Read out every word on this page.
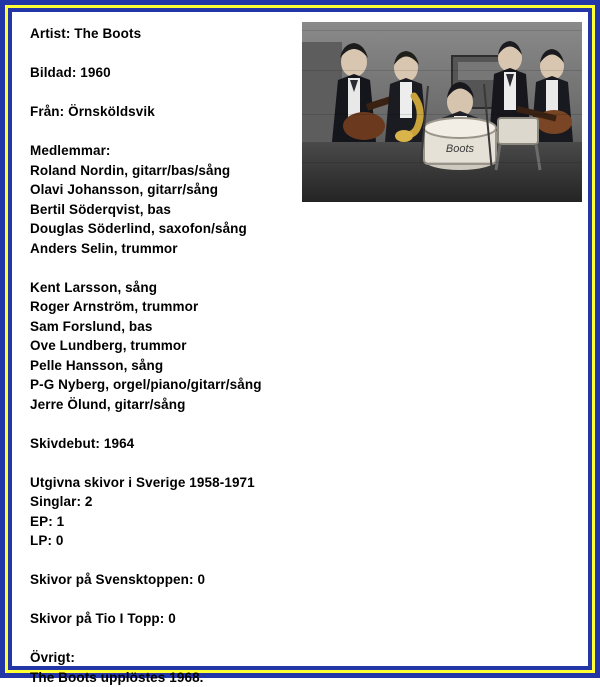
Boots
Artist: The Boots
Bildad: 1960
Från: Örnsköldsvik
Medlemmar:
Roland Nordin, gitarr/bas/sång
Olavi Johansson, gitarr/sång
Bertil Söderqvist, bas
Douglas Söderlind, saxofon/sång
Anders Selin, trummor
Kent Larsson, sång
Roger Arnström, trummor
Sam Forslund, bas
Ove Lundberg, trummor
Pelle Hansson, sång
P-G Nyberg, orgel/piano/gitarr/sång
Jerre Ölund, gitarr/sång
Skivdebut: 1964
Utgivna skivor i Sverige 1958-1971
Singlar: 2
EP: 1
LP: 0
Skivor på Svensktoppen: 0
Skivor på Tio I Topp: 0
Övrigt:
The Boots upplöstes 1968.
